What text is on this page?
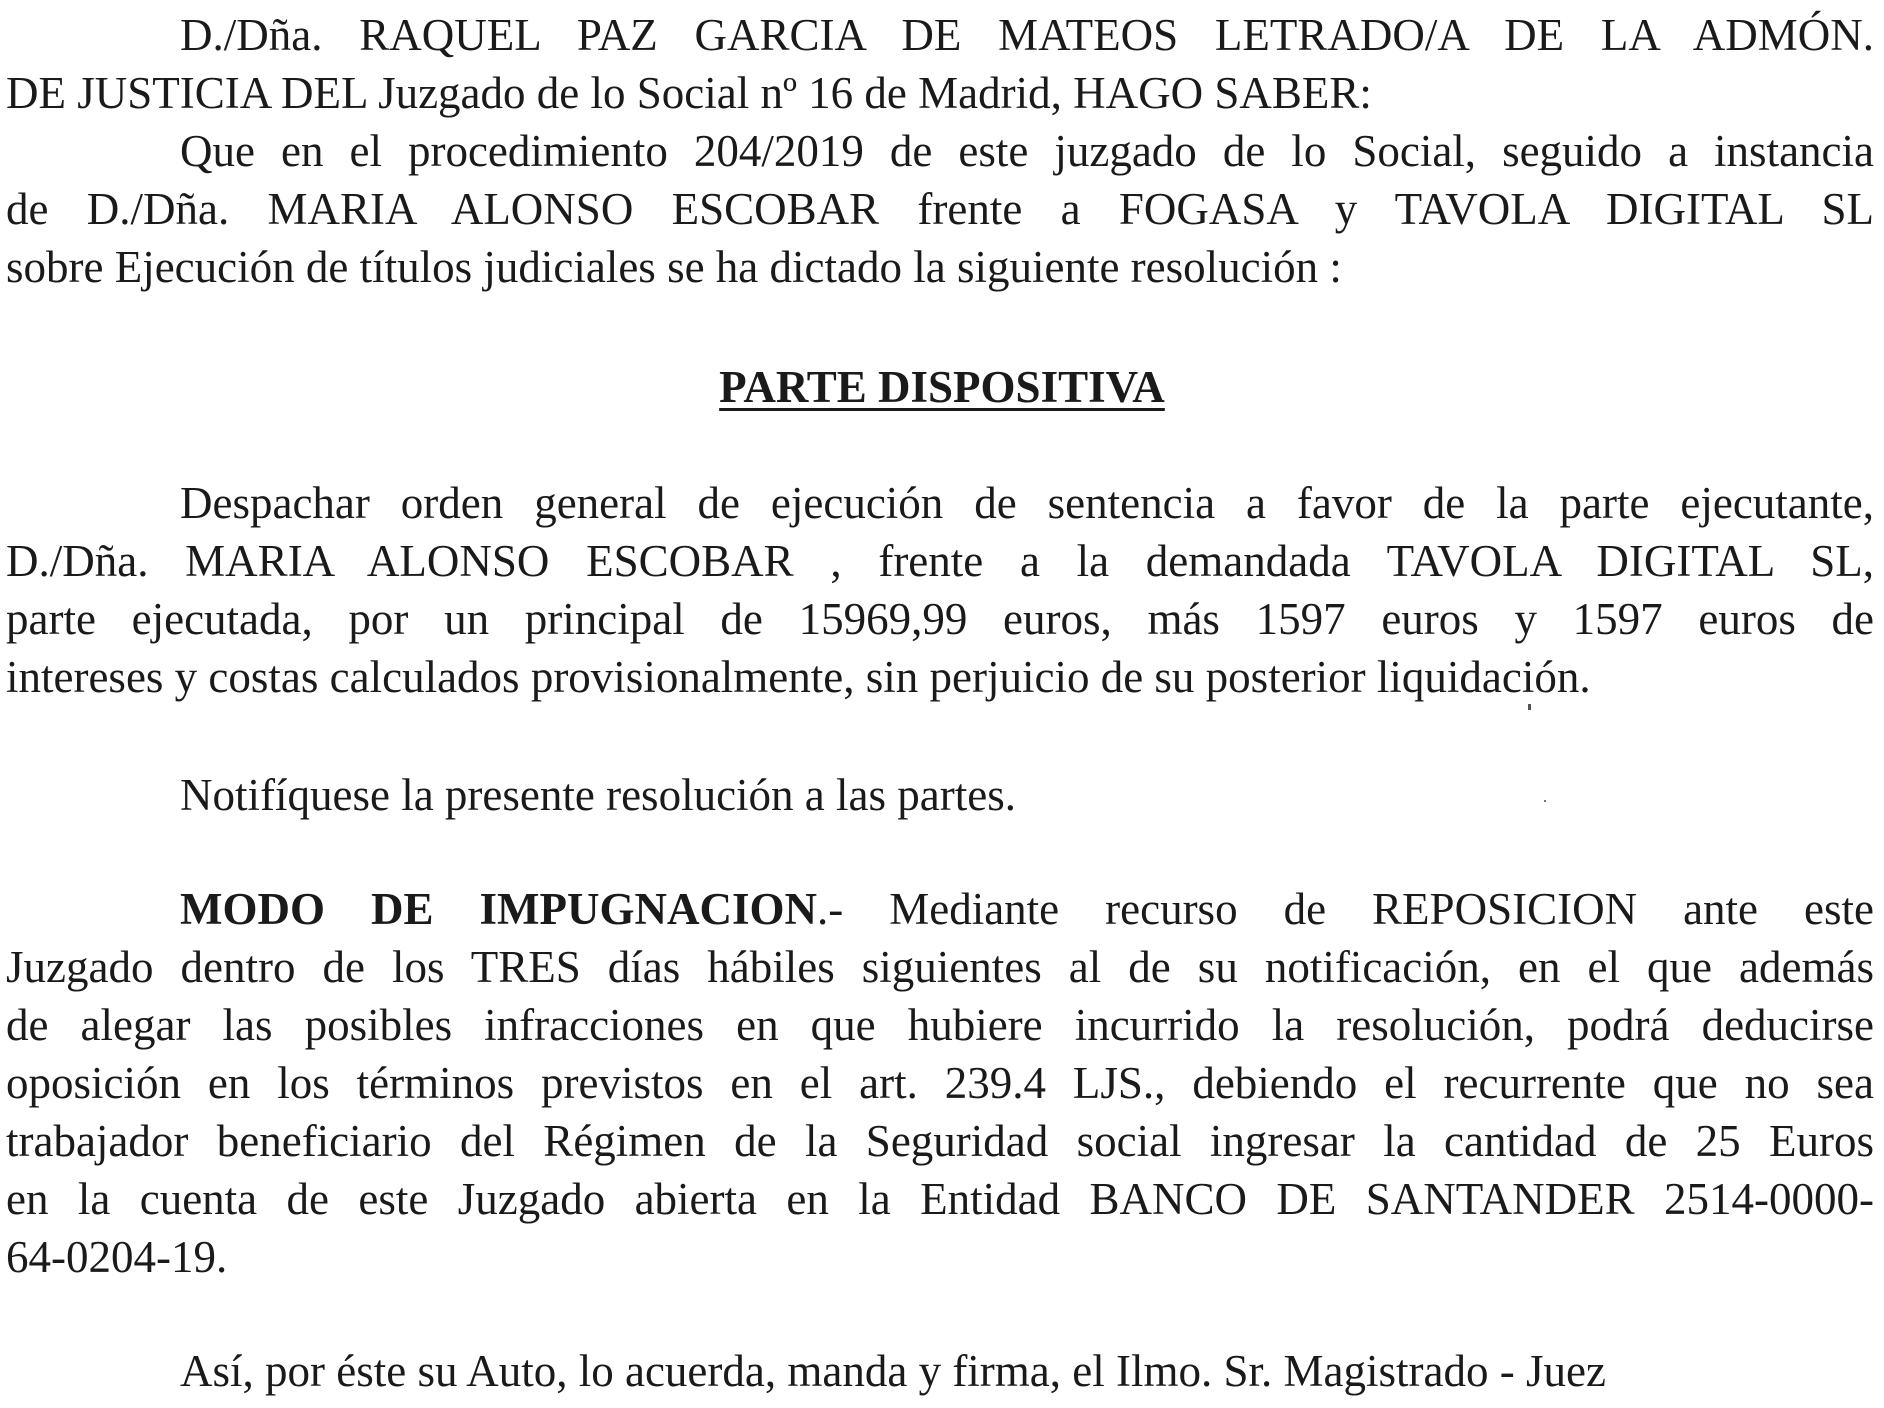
D./Dña. RAQUEL PAZ GARCIA DE MATEOS LETRADO/A DE LA ADMÓN.
DE JUSTICIA DEL Juzgado de lo Social nº 16 de Madrid, HAGO SABER:
Que en el procedimiento 204/2019 de este juzgado de lo Social, seguido a instancia
de D./Dña. MARIA ALONSO ESCOBAR frente a FOGASA y TAVOLA DIGITAL SL
sobre Ejecución de títulos judiciales se ha dictado la siguiente resolución :
PARTE DISPOSITIVA
Despachar orden general de ejecución de sentencia a favor de la parte ejecutante,
D./Dña. MARIA ALONSO ESCOBAR , frente a la demandada TAVOLA DIGITAL SL,
parte ejecutada, por un principal de 15969,99 euros, más 1597 euros y 1597 euros de
intereses y costas calculados provisionalmente, sin perjuicio de su posterior liquidación.
Notifíquese la presente resolución a las partes.
MODO DE IMPUGNACION.- Mediante recurso de REPOSICION ante este
Juzgado dentro de los TRES días hábiles siguientes al de su notificación, en el que además
de alegar las posibles infracciones en que hubiere incurrido la resolución, podrá deducirse
oposición en los términos previstos en el art. 239.4 LJS., debiendo el recurrente que no sea
trabajador beneficiario del Régimen de la Seguridad social ingresar la cantidad de 25 Euros
en la cuenta de este Juzgado abierta en la Entidad BANCO DE SANTANDER 2514-0000-
64-0204-19.
Así, por éste su Auto, lo acuerda, manda y firma, el Ilmo. Sr. Magistrado - Juez
